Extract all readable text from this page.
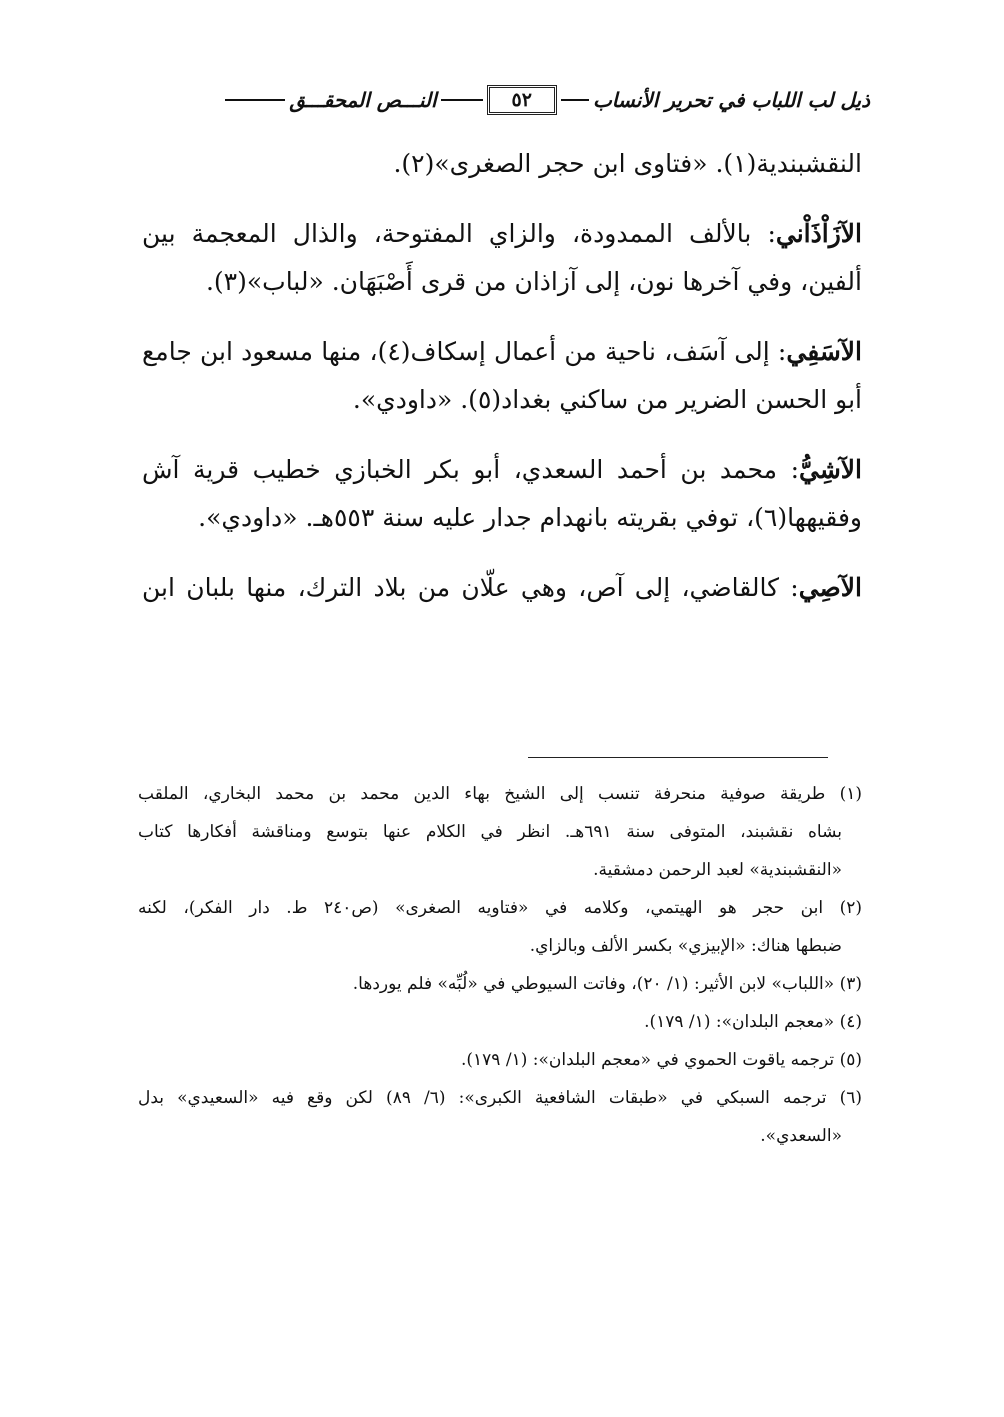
ذيل لب اللباب في تحرير الأنساب
٥٢
النـــص المحقـــق
النقشبندية(١). «فتاوى ابن حجر الصغرى»(٢).
الآزَاْذَاْني: بالألف الممدودة، والزاي المفتوحة، والذال المعجمة بين
ألفين، وفي آخرها نون، إلى آزاذان من قرى أَصْبَهَان. «لباب»(٣).
الآسَفِي: إلى آسَف، ناحية من أعمال إسكاف(٤)، منها مسعود ابن جامع
أبو الحسن الضرير من ساكني بغداد(٥). «داودي».
الآشِيُّ: محمد بن أحمد السعدي، أبو بكر الخبازي خطيب قرية آش
وفقيهها(٦)، توفي بقريته بانهدام جدار عليه سنة ٥٥٣هـ. «داودي».
الآصِي: كالقاضي، إلى آص، وهي علّان من بلاد الترك، منها بلبان ابن
(١) طريقة صوفية منحرفة تنسب إلى الشيخ بهاء الدين محمد بن محمد البخاري، الملقب
بشاه نقشبند، المتوفى سنة ٦٩١هـ. انظر في الكلام عنها بتوسع ومناقشة أفكارها كتاب
«النقشبندية» لعبد الرحمن دمشقية.
(٢) ابن حجر هو الهيتمي، وكلامه في «فتاويه الصغرى» (ص٢٤٠ ط. دار الفكر)، لكنه
ضبطها هناك: «الإبيزي» بكسر الألف وبالزاي.
(٣) «اللباب» لابن الأثير: (١/ ٢٠)، وفاتت السيوطي في «لُبِّه» فلم يوردها.
(٤) «معجم البلدان»: (١/ ١٧٩).
(٥) ترجمه ياقوت الحموي في «معجم البلدان»: (١/ ١٧٩).
(٦) ترجمه السبكي في «طبقات الشافعية الكبرى»: (٦/ ٨٩) لكن وقع فيه «السعيدي» بدل
«السعدي».
